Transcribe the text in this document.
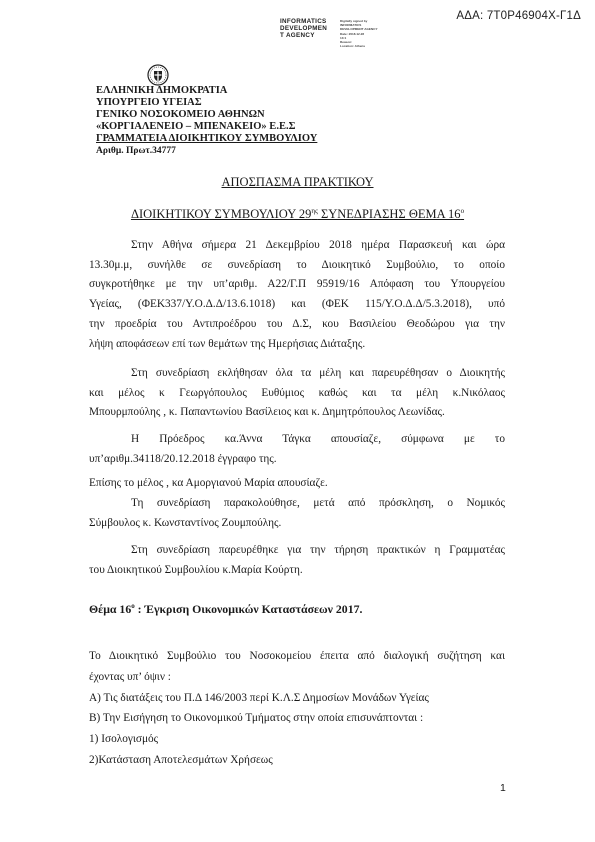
ΑΔΑ: 7Τ0Ρ46904Χ-Γ1Δ
INFORMATICS
DEVELOPMEN
T AGENCY
Digitally signed by
INFORMATICS
DEVELOPMENT AGENCY
Date: 2018.12.28
13:1
Reason:
Location: Athens
ΕΛΛΗΝΙΚΗ ΔΗΜΟΚΡΑΤΙΑ
ΥΠΟΥΡΓΕΙΟ ΥΓΕΙΑΣ
ΓΕΝΙΚΟ ΝΟΣΟΚΟΜΕΙΟ ΑΘΗΝΩΝ
«ΚΟΡΓΙΑΛΕΝΕΙΟ – ΜΠΕΝΑΚΕΙΟ» Ε.Ε.Σ
ΓΡΑΜΜΑΤΕΙΑ ΔΙΟΙΚΗΤΙΚΟΥ ΣΥΜΒΟΥΛΙΟΥ
Αριθμ. Πρωτ.34777
ΑΠΟΣΠΑΣΜΑ ΠΡΑΚΤΙΚΟΥ
ΔΙΟΙΚΗΤΙΚΟΥ ΣΥΜΒΟΥΛΙΟΥ $29^{\eta\varsigma}$ ΣΥΝΕΔΡΙΑΣΗΣ ΘΕΜΑ $16^o$
Στην Αθήνα σήμερα 21 Δεκεμβρίου 2018 ημέρα Παρασκευή και ώρα
13.30μ.μ, συνήλθε σε συνεδρίαση το Διοικητικό Συμβούλιο, το οποίο
συγκροτήθηκε με την υπ’αριθμ. Α22/Γ.Π 95919/16 Απόφαση του Υπουργείου
Υγείας, (ΦΕΚ337/Υ.Ο.Δ.Δ/13.6.1018) και (ΦΕΚ 115/Υ.Ο.Δ.Δ/5.3.2018), υπό
την προεδρία του Αντιπροέδρου του Δ.Σ, κου Βασιλείου Θεοδώρου για την
λήψη αποφάσεων επί των θεμάτων της Ημερήσιας Διάταξης.
Στη συνεδρίαση εκλήθησαν όλα τα μέλη και παρευρέθησαν ο Διοικητής
και μέλος κ Γεωργόπουλος Ευθύμιος καθώς και τα μέλη κ.Νικόλαος
Μπουρμπούλης , κ. Παπαντωνίου Βασίλειος και κ. Δημητρόπουλος Λεωνίδας.
Η Πρόεδρος κα.Άννα Τάγκα απουσίαζε, σύμφωνα με το
υπ’αριθμ.34118/20.12.2018 έγγραφο της.
Επίσης το μέλος , κα Αμοργιανού Μαρία απουσίαζε.
Τη συνεδρίαση παρακολούθησε, μετά από πρόσκληση, ο Νομικός
Σύμβουλος κ. Κωνσταντίνος Ζουμπούλης.
Στη συνεδρίαση παρευρέθηκε για την τήρηση πρακτικών η Γραμματέας
του Διοικητικού Συμβουλίου κ.Μαρία Κούρτη.
Θέμα $16^o$ : Έγκριση Οικονομικών Καταστάσεων 2017.
Το Διοικητικό Συμβούλιο του Νοσοκομείου έπειτα από διαλογική συζήτηση και
έχοντας υπ’ όψιν :
Α) Τις διατάξεις του Π.Δ 146/2003 περί Κ.Λ.Σ Δημοσίων Μονάδων Υγείας
Β) Την Εισήγηση το Οικονομικού Τμήματος στην οποία επισυνάπτονται :
1) Ισολογισμός
2)Κατάσταση Αποτελεσμάτων Χρήσεως
1
